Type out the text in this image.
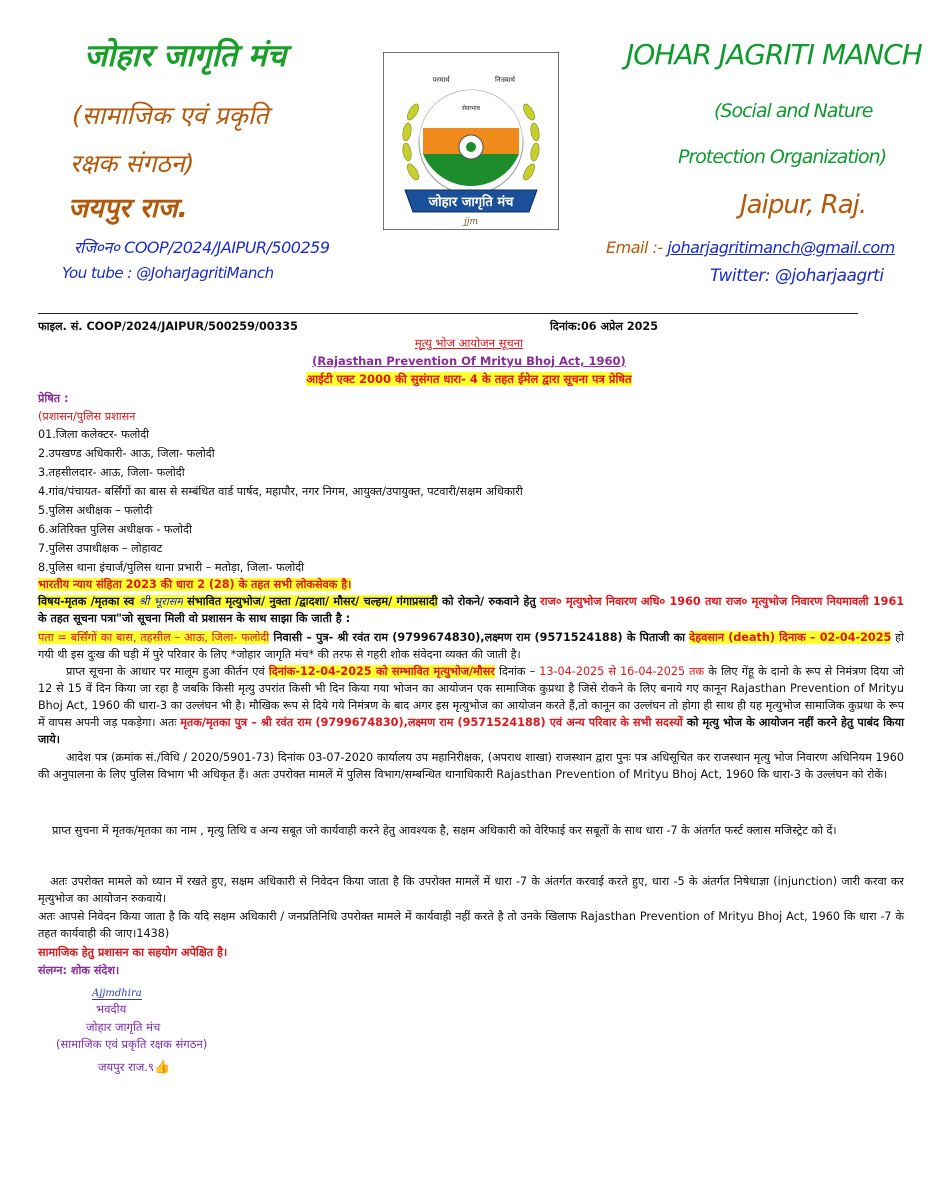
जोहार जागृति मंच
(सामाजिक एवं प्रकृति
रक्षक संगठन)
जयपुर राज.
रजि०न० COOP/2024/JAIPUR/500259
You tube : @JoharJagritiManch
सेवाभाव
परमार्थ	निःस्वार्थ
जोहार जागृति मंच
jjm
JOHAR JAGRITI MANCH
(Social and Nature
Protection Organization)
Jaipur, Raj.
Email :- joharjagritimanch@gmail.com
Twitter: @joharjaagrti
फाइल. सं. COOP/2024/JAIPUR/500259/00335	दिनांक:06 अप्रेल 2025
मृत्यु भोज आयोजन सूचना
(Rajasthan Prevention Of Mrityu Bhoj Act, 1960)
आईटी एक्ट 2000 की सुसंगत धारा- 4 के तहत ईमेल द्वारा सूचना पत्र प्रेषित
प्रेषित :
(प्रशासन/पुलिस प्रशासन
01.जिला कलेक्टर- फलोदी
2.उपखण्ड अधिकारी- आऊ, जिला- फलोदी
3.तहसीलदार- आऊ, जिला- फलोदी
4.गांव/पंचायत- बर्सिंगों का बास से सम्बंधित वार्ड पार्षद, महापौर, नगर निगम, आयुक्त/उपायुक्त, पटवारी/सक्षम अधिकारी
5.पुलिस अधीक्षक – फलोदी
6.अतिरिक्त पुलिस अधीक्षक - फलोदी
7.पुलिस उपाधीक्षक – लोहावट
8.पुलिस थाना इंचार्ज/पुलिस थाना प्रभारी – मतोड़ा, जिला- फलोदी
भारतीय न्याय संहिता 2023 की धारा 2 (28) के तहत सभी लोकसेवक है।
विषय-मृतक /मृतका स्व श्री भूरासम संभावित मृत्युभोज/ नुक्ता /द्वादशा/ मौसर/ चल्हम/ गंगाप्रसादी को रोकने/ रुकवाने हेतु राज० मृत्युभोज निवारण अधि० 1960 तथा राज० मृत्युभोज निवारण नियमावली 1961 के तहत सूचना पत्रा"जो सूचना मिली वो प्रशासन के साथ साझा कि जाती है :
पता = बर्सिंगों का बास, तहसील – आऊ, जिला- फलोदी निवासी – पुत्र- श्री रवंत राम (9799674830),लक्ष्मण राम (9571524188) के पिताजी का देहवसान (death) दिनाक – 02-04-2025 हो गयी थी इस दुःख की घड़ी में पुरे परिवार के लिए *जोहार जागृति मंच* की तरफ से गहरी शोक संवेदना व्यक्त की जाती है।
प्राप्त सूचना के आधार पर मालूम हुआ कीर्तन एवं दिनांक-12-04-2025 को सम्भावित मृत्युभोज/मौसर दिनांक – 13-04-2025 से 16-04-2025 तक के लिए गेंहू के दानो के रूप से निमंत्रण दिया जो 12 से 15 वें दिन किया जा रहा है जबकि किसी मृत्यु उपरांत किसी भी दिन किया गया भोजन का आयोजन एक सामाजिक कुप्रथा है जिसे रोकने के लिए बनाये गए कानून Rajasthan Prevention of Mrityu Bhoj Act, 1960 की धारा-3 का उल्लंघन भी है। मौखिक रूप से दिये गये निमंत्रण के बाद अगर इस मृत्युभोज का आयोजन करते हैं,तो कानून का उल्लंघन तो होगा ही साथ ही यह मृत्युभोज सामाजिक कुप्रथा के रूप में वापस अपनी जड़ पकड़ेगा। अतः मृतक/मृतका पुत्र – श्री रवंत राम (9799674830),लक्ष्मण राम (9571524188) एवं अन्य परिवार के सभी सदस्यों को मृत्यु भोज के आयोजन नहीं करने हेतु पाबंद किया जाये।
आदेश पत्र (क्रमांक सं./विधि / 2020/5901-73) दिनांक 03-07-2020 कार्यालय उप महानिरीक्षक, (अपराध शाखा) राजस्थान द्वारा पुनः पत्र अधिसूचित कर राजस्थान मृत्यु भोज निवारण अधिनियम 1960 की अनुपालना के लिए पुलिस विभाग भी अधिकृत हैं। अतः उपरोक्त मामलें में पुलिस विभाग/सम्बन्धित थानाधिकारी Rajasthan Prevention of Mrityu Bhoj Act, 1960 कि धारा-3 के उल्लंघन को रोकें।
प्राप्त सुचना में मृतक/मृतका का नाम , मृत्यु तिथि व अन्य सबूत जो कार्यवाही करने हेतु आवश्यक है, सक्षम अधिकारी को वेरिफाई कर सबूतों के साथ धारा -7 के अंतर्गत फर्स्ट क्लास मजिस्ट्रेट को दें।
अतः उपरोक्त मामले को ध्यान में रखते हुए, सक्षम अधिकारी से निवेदन किया जाता है कि उपरोक्त मामलें में धारा -7 के अंतर्गत करवाई करते हुए, धारा -5 के अंतर्गत निषेधाज्ञा (injunction) जारी करवा कर मृत्युभोज का आयोजन रुकवाये।
अतः आपसे निवेदन किया जाता है कि यदि सक्षम अधिकारी / जनप्रतिनिधि उपरोक्त मामले में कार्यवाही नहीं करते है तो उनके खिलाफ Rajasthan Prevention of Mrityu Bhoj Act, 1960 कि धारा -7 के तहत कार्यवाही की जाए।1438)
सामाजिक हेतु प्रशासन का सहयोग अपेक्षित है।
संलग्न: शोक संदेश।
Ajjmdhira
भवदीय
जोहार जागृति मंच
(सामाजिक एवं प्रकृति रक्षक संगठन)
जयपुर राज.९👍
